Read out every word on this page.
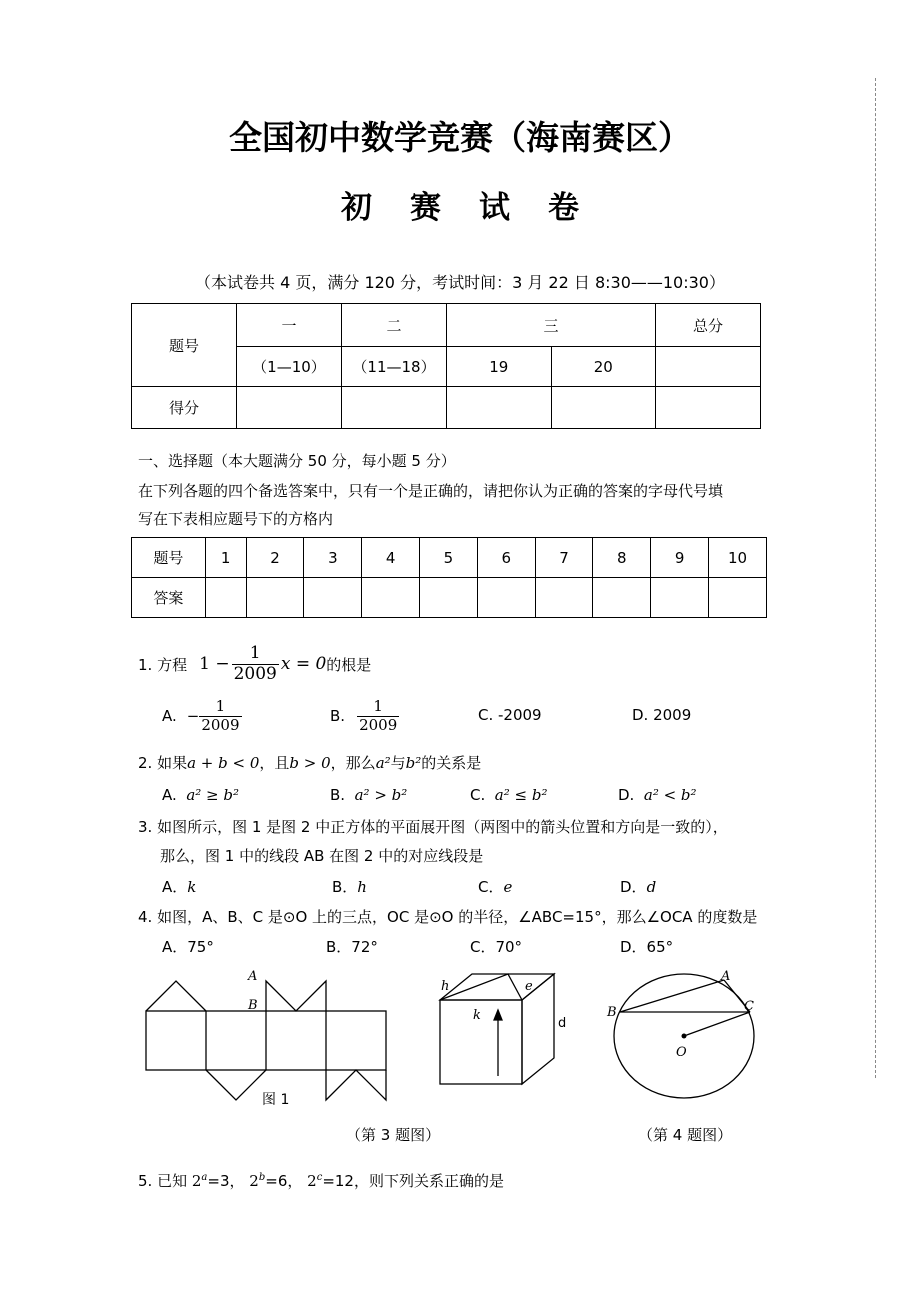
全国初中数学竞赛（海南赛区）
初赛试卷
（本试卷共 4 页，满分 120 分，考试时间：3 月 22 日 8:30——10:30）
题号	一	二	三		总分
	（1—10）	（11—18）	19	20	
得分					
一、选择题（本大题满分 50 分，每小题 5 分）
在下列各题的四个备选答案中，只有一个是正确的，请把你认为正确的答案的字母代号填
写在下表相应题号下的方格内
题号	1	2	3	4	5	6	7	8	9	10
答案										
1. 方程 $1 - \frac{1}{2009}$ x = 0 的根是
A. − $\frac{1}{2009}$	B. $\frac{1}{2009}$	C. -2009	D. 2009
2. 如果a + b < 0，且b > 0，那么a²与b²的关系是
A. a² ≥ b²	B. a² > b²	C. a² ≤ b²	D. a² < b²
3. 如图所示，图 1 是图 2 中正方体的平面展开图（两图中的箭头位置和方向是一致的），
那么，图 1 中的线段 AB 在图 2 中的对应线段是
A．k	B．h	C．e	D．d
4. 如图，A、B、C 是⊙O 上的三点，OC 是⊙O 的半径，∠ABC=15°，那么∠OCA 的度数是
A．75°	B．72°	C．70°	D．65°
A
B
图 1
h	e
k
d
A
B	C
O
（第 3 题图）	（第 4 题图）
5. 已知 $2^a=3$， $2^b=6$， $2^c=12$，则下列关系正确的是
